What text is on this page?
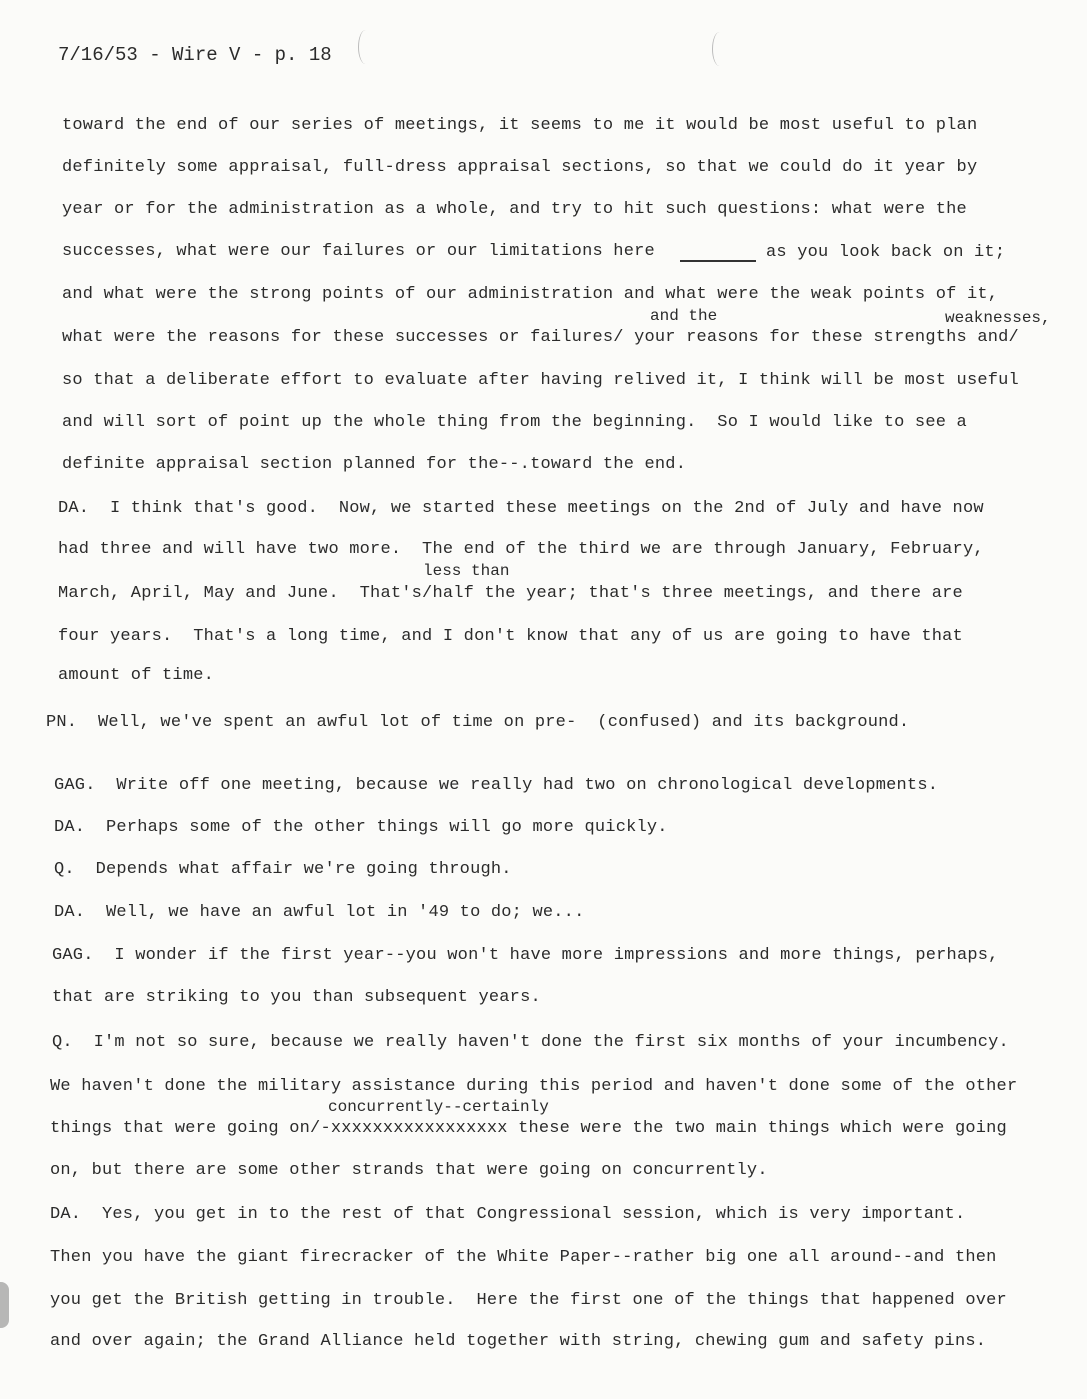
7/16/53 - Wire V - p. 18
toward the end of our series of meetings, it seems to me it would be most useful to plan
definitely some appraisal, full-dress appraisal sections, so that we could do it year by
year or for the administration as a whole, and try to hit such questions: what were the
successes, what were our failures or our limitations here	as you look back on it;
and what were the strong points of our administration and what were the weak points of it,
and the	weaknesses,
what were the reasons for these successes or failures/ your reasons for these strengths and/
so that a deliberate effort to evaluate after having relived it, I think will be most useful
and will sort of point up the whole thing from the beginning.  So I would like to see a
definite appraisal section planned for the--.toward the end.
DA.  I think that's good.  Now, we started these meetings on the 2nd of July and have now
had three and will have two more.  The end of the third we are through January, February,
less than
March, April, May and June.  That's/half the year; that's three meetings, and there are
four years.  That's a long time, and I don't know that any of us are going to have that
amount of time.
PN.  Well, we've spent an awful lot of time on pre-  (confused) and its background.
GAG.  Write off one meeting, because we really had two on chronological developments.
DA.  Perhaps some of the other things will go more quickly.
Q.  Depends what affair we're going through.
DA.  Well, we have an awful lot in '49 to do; we...
GAG.  I wonder if the first year--you won't have more impressions and more things, perhaps,
that are striking to you than subsequent years.
Q.  I'm not so sure, because we really haven't done the first six months of your incumbency.
We haven't done the military assistance during this period and haven't done some of the other
concurrently--certainly
things that were going on/-xxxxxxxxxxxxxxxxx these were the two main things which were going
on, but there are some other strands that were going on concurrently.
DA.  Yes, you get in to the rest of that Congressional session, which is very important.
Then you have the giant firecracker of the White Paper--rather big one all around--and then
you get the British getting in trouble.  Here the first one of the things that happened over
and over again; the Grand Alliance held together with string, chewing gum and safety pins.
